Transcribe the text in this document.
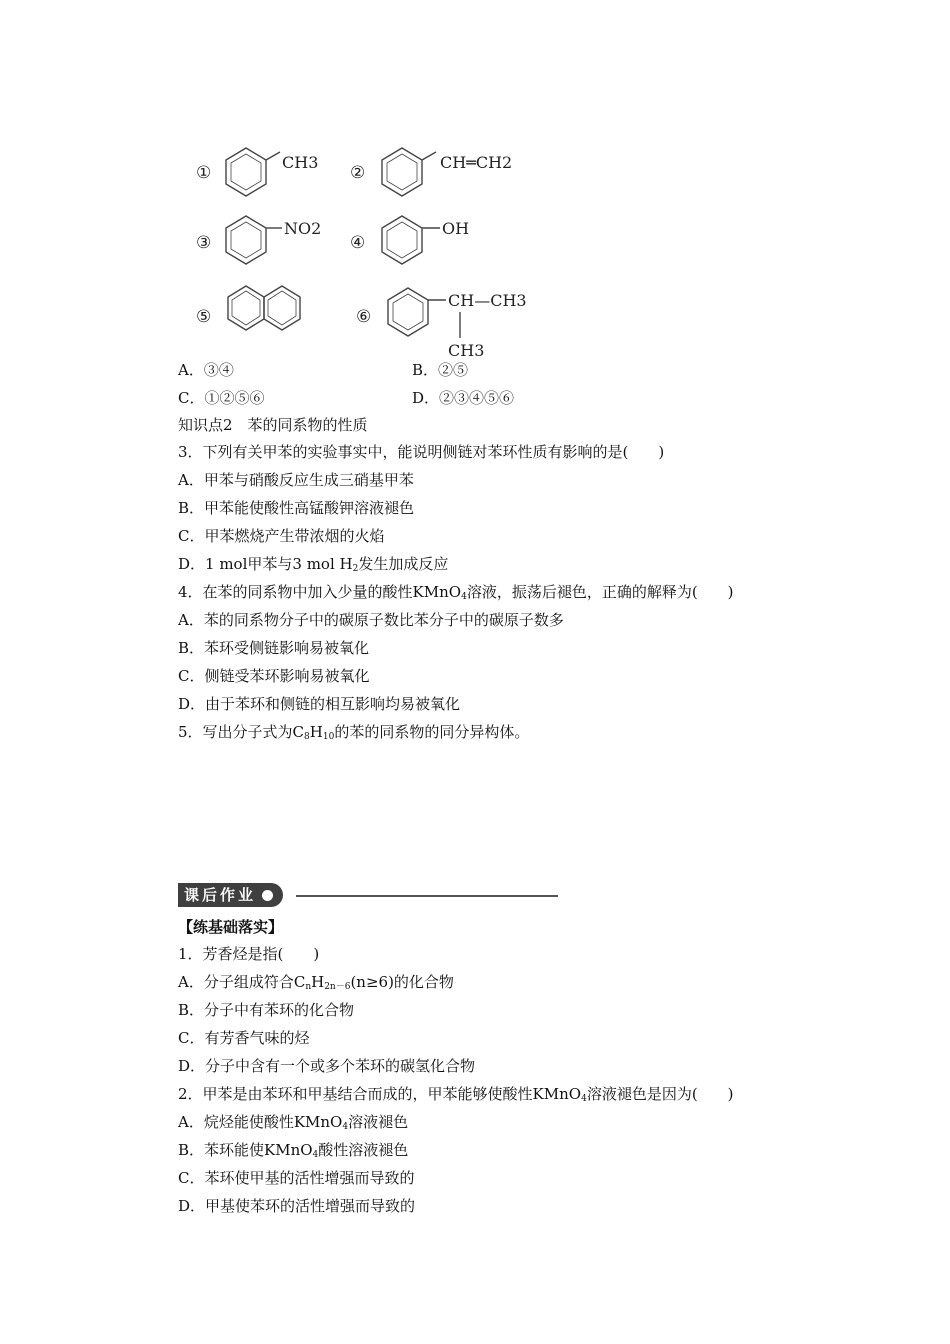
①	②
③	④
⑤	⑥
CH3	CH═CH2
NO2	OH
CH—CH3
CH3
A．③④	B．②⑤
C．①②⑤⑥	D．②③④⑤⑥
知识点2　苯的同系物的性质
3．下列有关甲苯的实验事实中，能说明侧链对苯环性质有影响的是(　　)
A．甲苯与硝酸反应生成三硝基甲苯
B．甲苯能使酸性高锰酸钾溶液褪色
C．甲苯燃烧产生带浓烟的火焰
D．1 mol甲苯与3 mol $H_2$发生加成反应
4．在苯的同系物中加入少量的酸性KMnO$_4$溶液，振荡后褪色，正确的解释为(　　)
A．苯的同系物分子中的碳原子数比苯分子中的碳原子数多
B．苯环受侧链影响易被氧化
C．侧链受苯环影响易被氧化
D．由于苯环和侧链的相互影响均易被氧化
5．写出分子式为$C_8H_{10}$的苯的同系物的同分异构体。
课后作业
【练基础落实】
1．芳香烃是指(　　)
A．分子组成符合$C_nH_{2n-6}(n\ge 6)$的化合物
B．分子中有苯环的化合物
C．有芳香气味的烃
D．分子中含有一个或多个苯环的碳氢化合物
2．甲苯是由苯环和甲基结合而成的，甲苯能够使酸性KMnO$_4$溶液褪色是因为(　　)
A．烷烃能使酸性KMnO$_4$溶液褪色
B．苯环能使KMnO$_4$酸性溶液褪色
C．苯环使甲基的活性增强而导致的
D．甲基使苯环的活性增强而导致的
